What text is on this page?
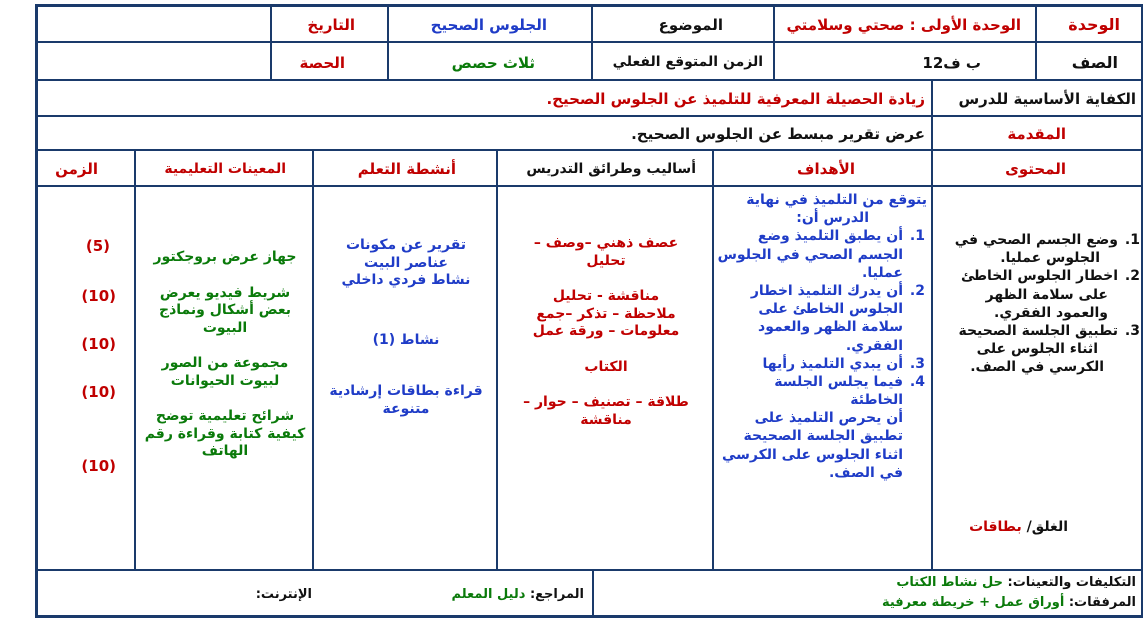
الوحدة
الوحدة الأولى : صحتي وسلامتي
الموضوع
الجلوس الصحيح
التاريخ
الصف
1ب ف2
الزمن المتوقع الفعلي
ثلاث حصص
الحصة
الكفاية الأساسية للدرس
زيادة الحصيلة المعرفية للتلميذ عن الجلوس الصحيح.
المقدمة
عرض تقرير مبسط عن الجلوس الصحيح.
المحتوى
الأهداف
أساليب وطرائق التدريس
أنشطة التعلم
المعينات التعليمية
الزمن
1.
وضع الجسم الصحي في
الجلوس عمليا.
2.
اخطار الجلوس الخاطئ
على سلامة الظهر
والعمود الفقري.
3.
تطبيق الجلسة الصحيحة
اثناء الجلوس على
الكرسي في الصف.
الغلق/ بطاقات
يتوقع من التلميذ في نهاية
الدرس أن:
1.
أن يطبق التلميذ وضع
الجسم الصحي في الجلوس
عمليا.
2.
أن يدرك التلميذ اخطار
الجلوس الخاطئ على
سلامة الظهر والعمود
الفقري.
3.
أن يبدي التلميذ رأيها
4.
فيما يجلس الجلسة
الخاطئة
أن يحرص التلميذ على
تطبيق الجلسة الصحيحة
اثناء الجلوس على الكرسي
في الصف.
عصف ذهني –وصف –
تحليل
مناقشة - تحليل
ملاحظة – تذكر –جمع
معلومات – ورقة عمل
الكتاب
طلاقة – تصنيف – حوار –
مناقشة
تقرير عن مكونات
عناصر البيت
نشاط فردي داخلي
نشاط (1)
قراءة بطاقات إرشادية
متنوعة
جهاز عرض بروجكتور
شريط فيديو يعرض
بعض أشكال ونماذج
البيوت
مجموعة من الصور
لبيوت الحيوانات
شرائح تعليمية توضح
كيفية كتابة وقراءة رقم
الهاتف
(5)
(10)
(10)
(10)
(10)
التكليفات والتعينات: حل نشاط الكتاب
المرفقات: أوراق عمل + خريطة معرفية
المراجع: دليل المعلم
الإنترنت:
